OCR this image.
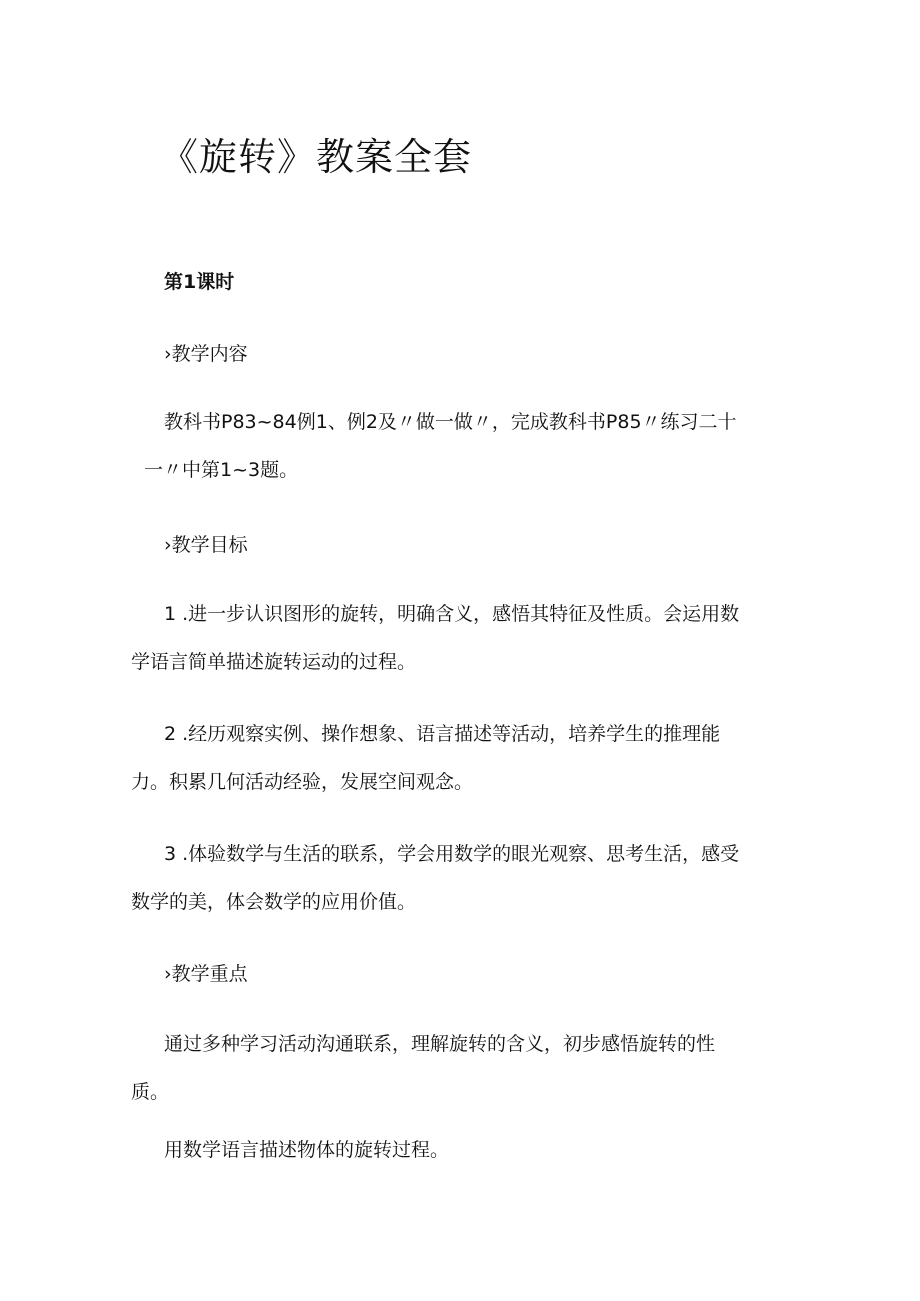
《旋转》教案全套

第1课时

›教学内容

教科书P83~84例1、例2及〃做一做〃，完成教科书P85〃练习二十

一〃中第1~3题。

›教学目标

1 .进一步认识图形的旋转，明确含义，感悟其特征及性质。会运用数

学语言简单描述旋转运动的过程。

2 .经历观察实例、操作想象、语言描述等活动，培养学生的推理能

力。积累几何活动经验，发展空间观念。

3 .体验数学与生活的联系，学会用数学的眼光观察、思考生活，感受

数学的美，体会数学的应用价值。

›教学重点

通过多种学习活动沟通联系，理解旋转的含义，初步感悟旋转的性

质。

用数学语言描述物体的旋转过程。
